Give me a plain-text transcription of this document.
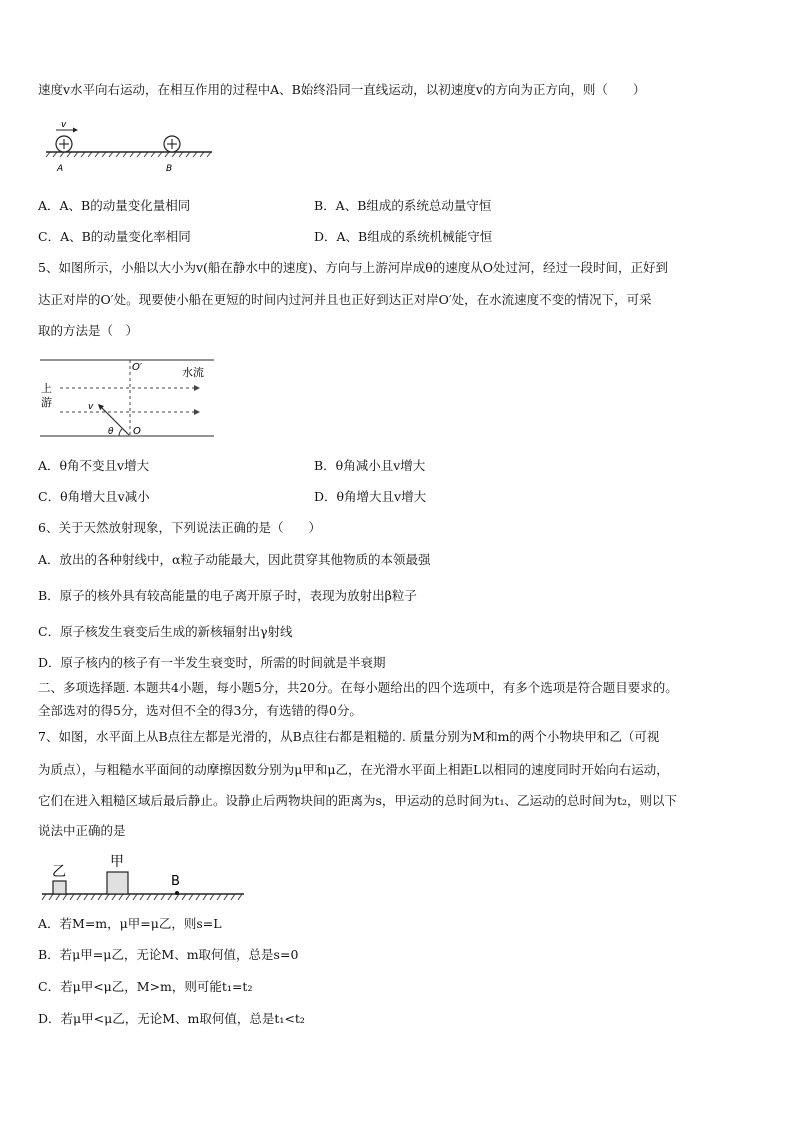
速度v水平向右运动，在相互作用的过程中A、B始终沿同一直线运动，以初速度v的方向为正方向，则（　　）
v
A	B
A．A、B的动量变化量相同	B．A、B组成的系统总动量守恒
C．A、B的动量变化率相同	D．A、B组成的系统机械能守恒
5、如图所示，小船以大小为v(船在静水中的速度)、方向与上游河岸成θ的速度从O处过河，经过一段时间，正好到
达正对岸的O′处。现要使小船在更短的时间内过河并且也正好到达正对岸O′处，在水流速度不变的情况下，可采
取的方法是（　）
O′	水流
上
游	v
θ O
A．θ角不变且v增大	B．θ角减小且v增大
C．θ角增大且v减小	D．θ角增大且v增大
6、关于天然放射现象，下列说法正确的是（　　）
A．放出的各种射线中，α粒子动能最大，因此贯穿其他物质的本领最强
B．原子的核外具有较高能量的电子离开原子时，表现为放射出β粒子
C．原子核发生衰变后生成的新核辐射出γ射线
D．原子核内的核子有一半发生衰变时，所需的时间就是半衰期
二、多项选择题. 本题共4小题，每小题5分，共20分。在每小题给出的四个选项中，有多个选项是符合题目要求的。
全部选对的得5分，选对但不全的得3分，有选错的得0分。
7、如图，水平面上从B点往左都是光滑的，从B点往右都是粗糙的. 质量分别为M和m的两个小物块甲和乙（可视
为质点），与粗糙水平面间的动摩擦因数分别为μ甲和μ乙，在光滑水平面上相距L以相同的速度同时开始向右运动，
它们在进入粗糙区域后最后静止。设静止后两物块间的距离为s，甲运动的总时间为t₁、乙运动的总时间为t₂，则以下
说法中正确的是
乙
甲
B
A．若M=m，μ甲=μ乙，则s=L
B．若μ甲=μ乙，无论M、m取何值，总是s=0
C．若μ甲<μ乙，M>m，则可能t₁=t₂
D．若μ甲<μ乙，无论M、m取何值，总是t₁<t₂
